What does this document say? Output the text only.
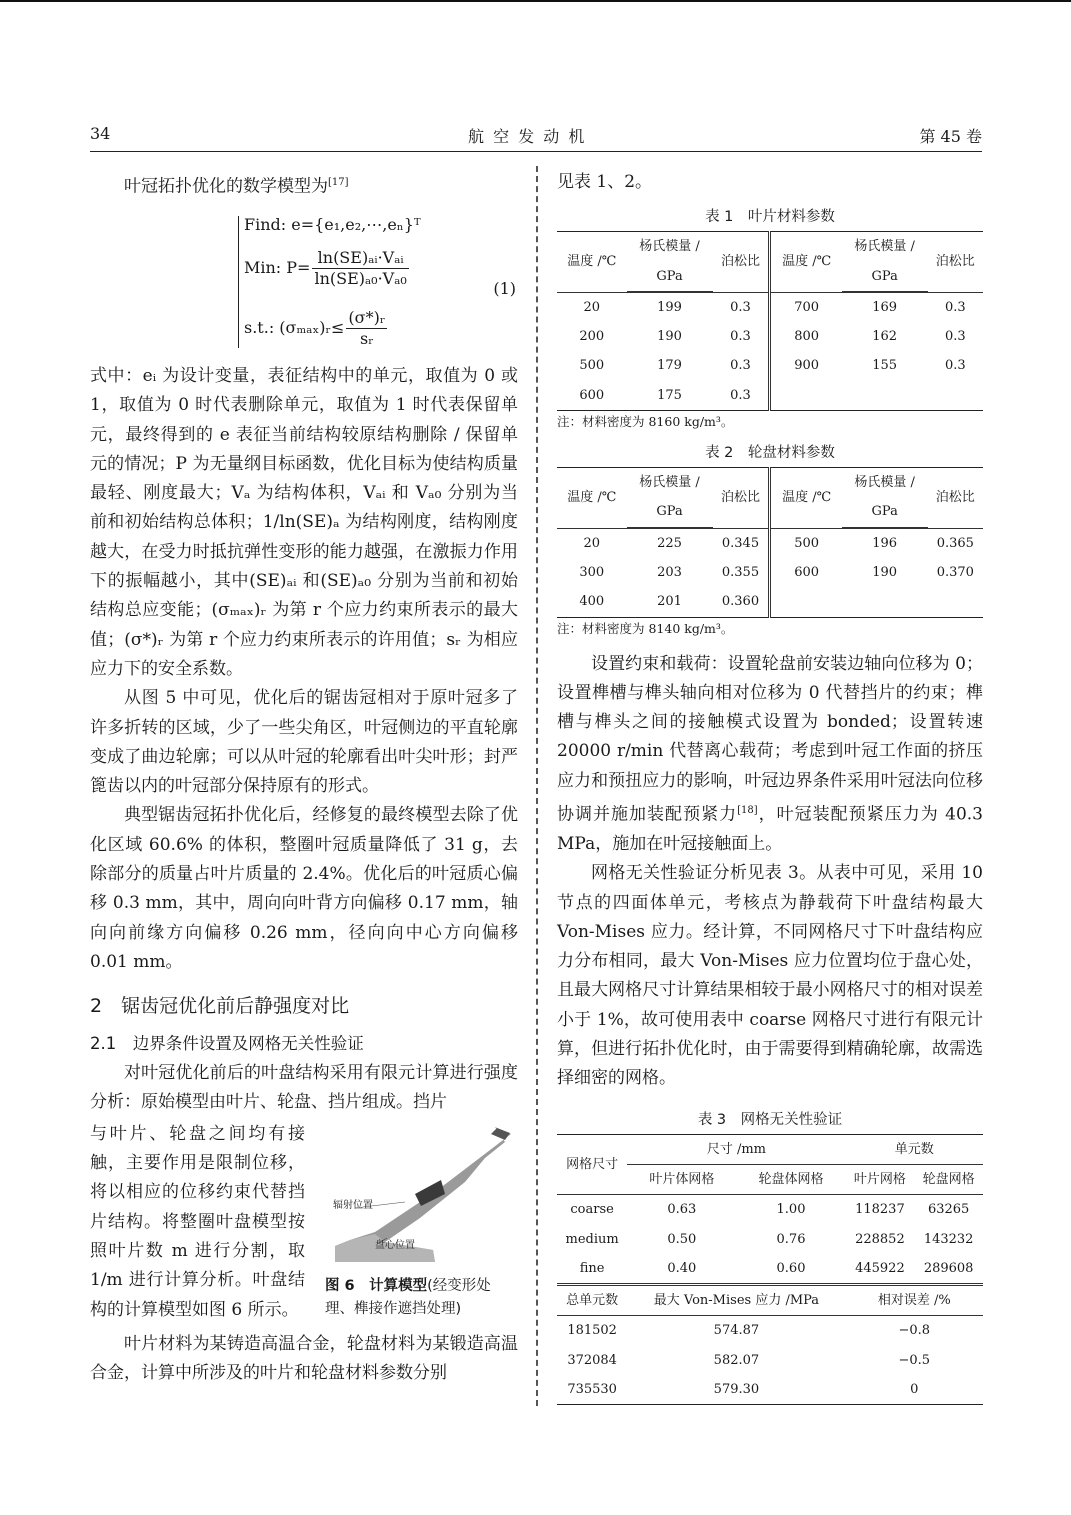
34	航 空 发 动 机	第 45 卷

叶冠拓扑优化的数学模型为[17]

Find: e={e₁,e₂,⋯,eₙ}ᵀ
Min: $P= \frac{\text{ln(SE)ₐᵢ·Vₐᵢ}}{\text{ln(SE)ₐ₀·Vₐ₀}}$
s.t.: (σₘₐₓ)ᵣ≤ $\frac{\text{(σ*)ᵣ}}{\text{sᵣ}}$
(1)

式中：eᵢ 为设计变量，表征结构中的单元，取值为 0 或 1，取值为 0 时代表删除单元，取值为 1 时代表保留单元，最终得到的 e 表征当前结构较原结构删除 / 保留单元的情况；P 为无量纲目标函数，优化目标为使结构质量最轻、刚度最大；Vₐ 为结构体积，Vₐᵢ 和 Vₐ₀ 分别为当前和初始结构总体积；1/ln(SE)ₐ 为结构刚度，结构刚度越大，在受力时抵抗弹性变形的能力越强，在激振力作用下的振幅越小，其中(SE)ₐᵢ 和(SE)ₐ₀ 分别为当前和初始结构总应变能；(σₘₐₓ)ᵣ 为第 r 个应力约束所表示的最大值；(σ*)ᵣ 为第 r 个应力约束所表示的许用值；sᵣ 为相应应力下的安全系数。

从图 5 中可见，优化后的锯齿冠相对于原叶冠多了许多折转的区域，少了一些尖角区，叶冠侧边的平直轮廓变成了曲边轮廓；可以从叶冠的轮廓看出叶尖叶形；封严篦齿以内的叶冠部分保持原有的形式。

典型锯齿冠拓扑优化后，经修复的最终模型去除了优化区域 60.6% 的体积，整圈叶冠质量降低了 31 g，去除部分的质量占叶片质量的 2.4%。优化后的叶冠质心偏移 0.3 mm，其中，周向向叶背方向偏移 0.17 mm，轴向向前缘方向偏移 0.26 mm，径向向中心方向偏移 0.01 mm。

2　锯齿冠优化前后静强度对比
2.1　边界条件设置及网格无关性验证

对叶冠优化前后的叶盘结构采用有限元计算进行强度分析：原始模型由叶片、轮盘、挡片组成。挡片

与叶片、轮盘之间均有接触，主要作用是限制位移，将以相应的位移约束代替挡片结构。将整圈叶盘模型按照叶片数 m 进行分割，取 1/m 进行计算分析。叶盘结构的计算模型如图 6 所示。

辐射位置
盘心位置
图 6　计算模型(经变形处理、榫接作遮挡处理)

叶片材料为某铸造高温合金，轮盘材料为某锻造高温合金，计算中所涉及的叶片和轮盘材料参数分别

见表 1、2。

表 1　叶片材料参数
温度 /℃	杨氏模量 /	泊松比	温度 /℃	杨氏模量 /	泊松比
	GPa			GPa	

20	199	0.3	700	169	0.3
200	190	0.3	800	162	0.3
500	179	0.3	900	155	0.3
600	175	0.3			
注：材料密度为 8160 kg/m³。
表 2　轮盘材料参数
温度 /℃	杨氏模量 /	泊松比	温度 /℃	杨氏模量 /	泊松比
	GPa			GPa	

20	225	0.345	500	196	0.365
300	203	0.355	600	190	0.370
400	201	0.360			
注：材料密度为 8140 kg/m³。

设置约束和载荷：设置轮盘前安装边轴向位移为 0；设置榫槽与榫头轴向相对位移为 0 代替挡片的约束；榫槽与榫头之间的接触模式设置为 bonded；设置转速 20000 r/min 代替离心载荷；考虑到叶冠工作面的挤压应力和预扭应力的影响，叶冠边界条件采用叶冠法向位移协调并施加装配预紧力[18]，叶冠装配预紧压力为 40.3 MPa，施加在叶冠接触面上。

网格无关性验证分析见表 3。从表中可见，采用 10 节点的四面体单元，考核点为静载荷下叶盘结构最大 Von-Mises 应力。经计算，不同网格尺寸下叶盘结构应力分布相同，最大 Von-Mises 应力位置均位于盘心处，且最大网格尺寸计算结果相较于最小网格尺寸的相对误差小于 1%，故可使用表中 coarse 网格尺寸进行有限元计算，但进行拓扑优化时，由于需要得到精确轮廓，故需选择细密的网格。

表 3　网格无关性验证
网格尺寸	尺寸 /mm		单元数	
	叶片体网格	轮盘体网格	叶片网格	轮盘网格
coarse	0.63	1.00	118237	63265
medium	0.50	0.76	228852	143232
fine	0.40	0.60	445922	289608
总单元数	最大 Von-Mises 应力 /MPa		相对误差 /%	
181502	574.87		−0.8	
372084	582.07		−0.5	
735530	579.30		0	
